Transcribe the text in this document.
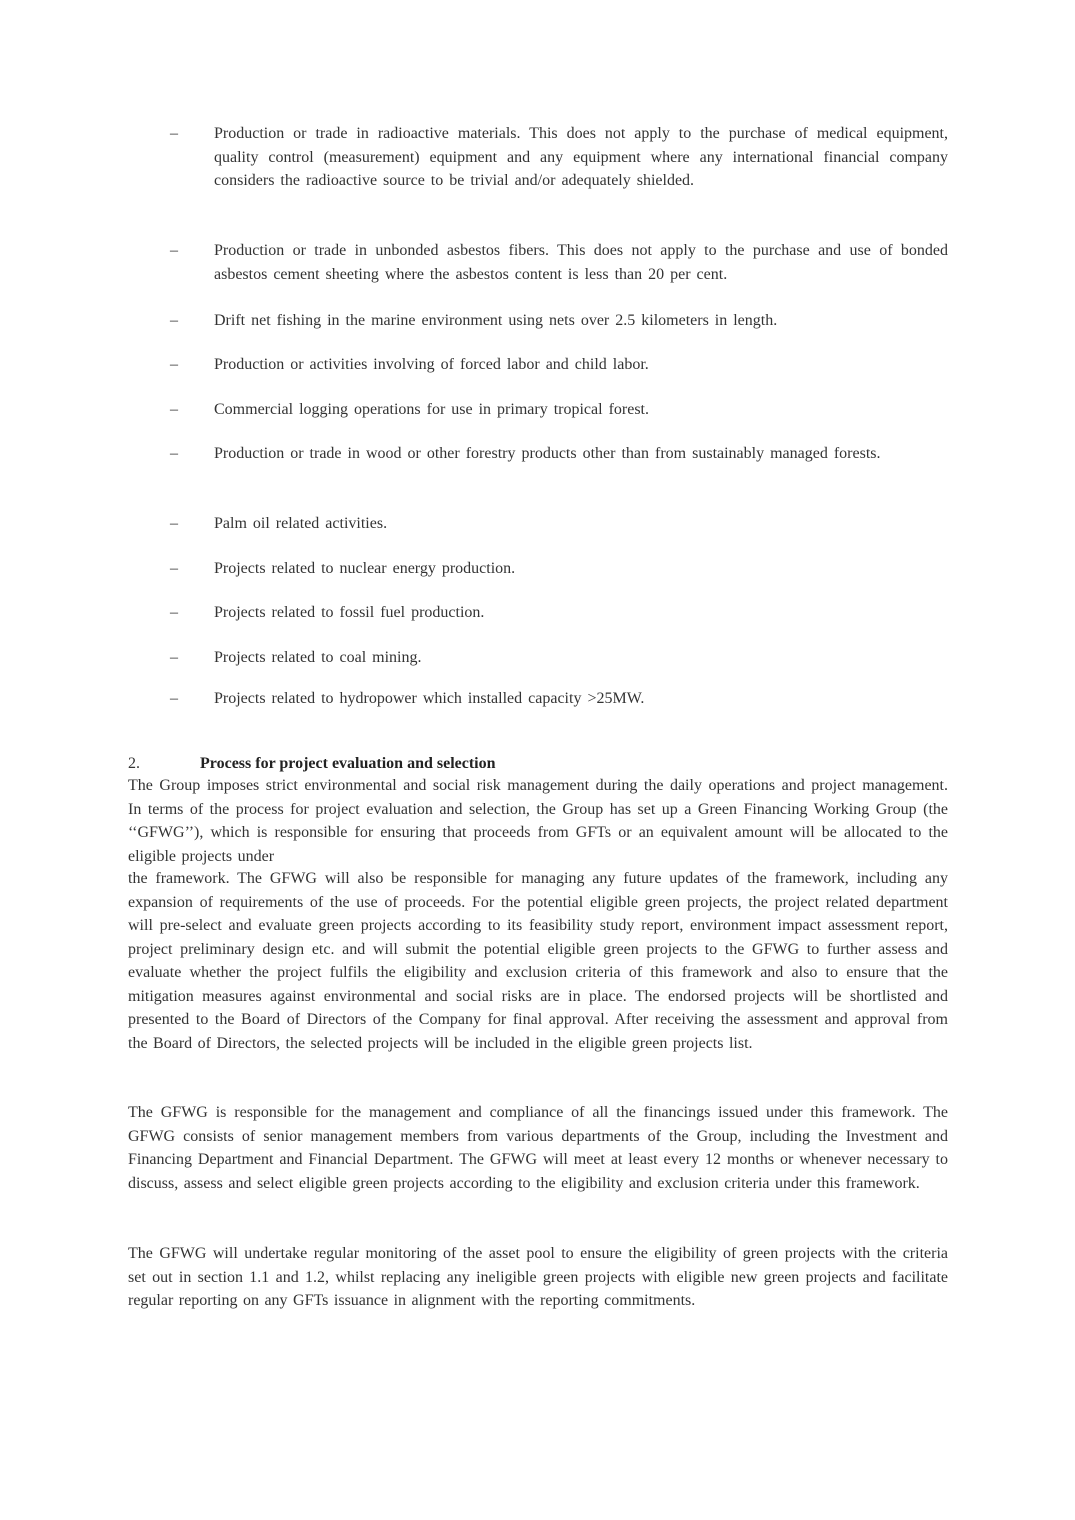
–	Production or trade in radioactive materials. This does not apply to the purchase of medical equipment, quality control (measurement) equipment and any equipment where any international financial company considers the radioactive source to be trivial and/or adequately shielded.
–	Production or trade in unbonded asbestos fibers. This does not apply to the purchase and use of bonded asbestos cement sheeting where the asbestos content is less than 20 per cent.
–	Drift net fishing in the marine environment using nets over 2.5 kilometers in length.
–	Production or activities involving of forced labor and child labor.
–	Commercial logging operations for use in primary tropical forest.
–	Production or trade in wood or other forestry products other than from sustainably managed forests.
–	Palm oil related activities.
–	Projects related to nuclear energy production.
–	Projects related to fossil fuel production.
–	Projects related to coal mining.
–	Projects related to hydropower which installed capacity >25MW.
2.	Process for project evaluation and selection

The Group imposes strict environmental and social risk management during the daily operations and project management. In terms of the process for project evaluation and selection, the Group has set up a Green Financing Working Group (the ‘‘GFWG’’), which is responsible for ensuring that proceeds from GFTs or an equivalent amount will be allocated to the eligible projects under

the framework. The GFWG will also be responsible for managing any future updates of the framework, including any expansion of requirements of the use of proceeds. For the potential eligible green projects, the project related department will pre-select and evaluate green projects according to its feasibility study report, environment impact assessment report, project preliminary design etc. and will submit the potential eligible green projects to the GFWG to further assess and evaluate whether the project fulfils the eligibility and exclusion criteria of this framework and also to ensure that the mitigation measures against environmental and social risks are in place. The endorsed projects will be shortlisted and presented to the Board of Directors of the Company for final approval. After receiving the assessment and approval from the Board of Directors, the selected projects will be included in the eligible green projects list.

The GFWG is responsible for the management and compliance of all the financings issued under this framework. The GFWG consists of senior management members from various departments of the Group, including the Investment and Financing Department and Financial Department. The GFWG will meet at least every 12 months or whenever necessary to discuss, assess and select eligible green projects according to the eligibility and exclusion criteria under this framework.

The GFWG will undertake regular monitoring of the asset pool to ensure the eligibility of green projects with the criteria set out in section 1.1 and 1.2, whilst replacing any ineligible green projects with eligible new green projects and facilitate regular reporting on any GFTs issuance in alignment with the reporting commitments.
